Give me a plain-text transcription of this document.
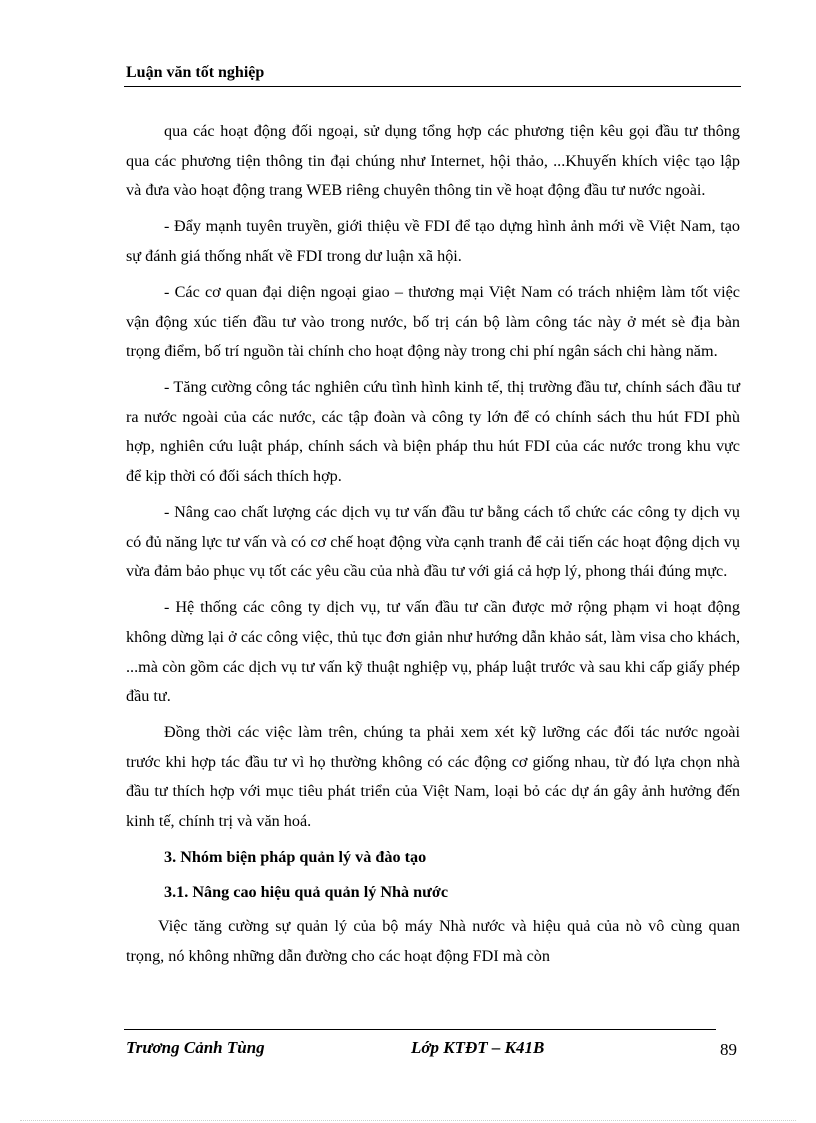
Luận văn tốt nghiệp

qua các hoạt động đối ngoại, sử dụng tổng hợp các phương tiện kêu gọi đầu tư thông qua các phương tiện thông tin đại chúng như Internet, hội thảo, ...Khuyến khích việc tạo lập và đưa vào hoạt động trang WEB riêng chuyên thông tin về hoạt động đầu tư nước ngoài.

- Đẩy mạnh tuyên truyền, giới thiệu về FDI để tạo dựng hình ảnh mới về Việt Nam, tạo sự đánh giá thống nhất về FDI trong dư luận xã hội.

- Các cơ quan đại diện ngoại giao – thương mại Việt Nam có trách nhiệm làm tốt việc vận động xúc tiến đầu tư vào trong nước, bố trị cán bộ làm công tác này ở mét sè địa bàn trọng điểm, bố trí nguồn tài chính cho hoạt động này trong chi phí ngân sách chi hàng năm.

- Tăng cường công tác nghiên cứu tình hình kinh tế, thị trường đầu tư, chính sách đầu tư ra nước ngoài của các nước, các tập đoàn và công ty lớn để có chính sách thu hút FDI phù hợp, nghiên cứu luật pháp, chính sách và biện pháp thu hút FDI của các nước trong khu vực để kịp thời có đối sách thích hợp.

- Nâng cao chất lượng các dịch vụ tư vấn đầu tư bằng cách tổ chức các công ty dịch vụ có đủ năng lực tư vấn và có cơ chế hoạt động vừa cạnh tranh để cải tiến các hoạt động dịch vụ vừa đảm bảo phục vụ tốt các yêu cầu của nhà đầu tư với giá cả hợp lý, phong thái đúng mực.

- Hệ thống các công ty dịch vụ, tư vấn đầu tư cần được mở rộng phạm vi hoạt động không dừng lại ở các công việc, thủ tục đơn giản như hướng dẫn khảo sát, làm visa cho khách, ...mà còn gồm các dịch vụ tư vấn kỹ thuật nghiệp vụ, pháp luật trước và sau khi cấp giấy phép đầu tư.

Đồng thời các việc làm trên, chúng ta phải xem xét kỹ lưỡng các đối tác nước ngoài trước khi hợp tác đầu tư vì họ thường không có các động cơ giống nhau, từ đó lựa chọn nhà đầu tư thích hợp với mục tiêu phát triển của Việt Nam, loại bỏ các dự án gây ảnh hưởng đến kinh tế, chính trị và văn hoá.

3. Nhóm biện pháp quản lý và đào tạo

3.1. Nâng cao hiệu quả quản lý Nhà nước

Việc tăng cường sự quản lý của bộ máy Nhà nước và hiệu quả của nò vô cùng quan trọng, nó không những dẫn đường cho các hoạt động FDI mà còn

Trương Cảnh Tùng	Lớp KTĐT – K41B	89
